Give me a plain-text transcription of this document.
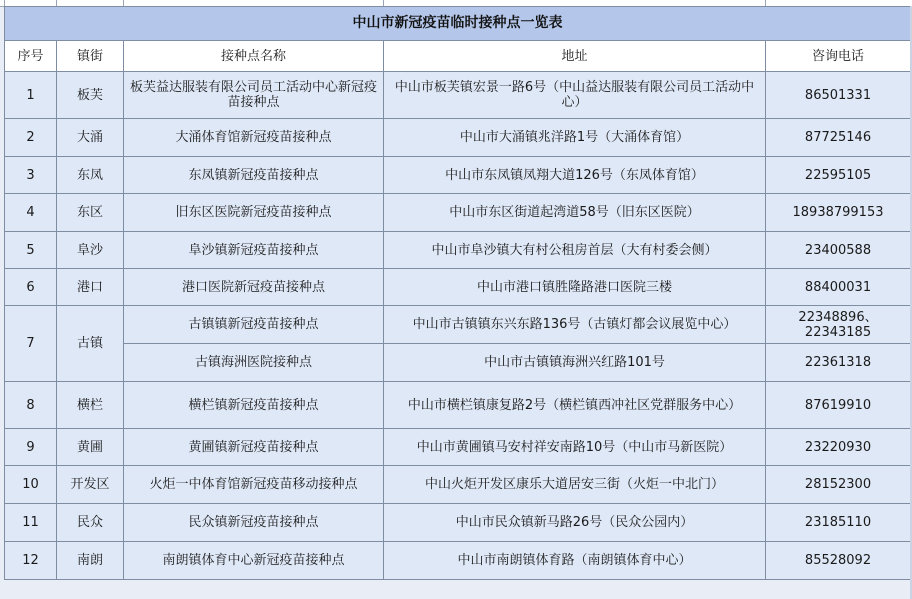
中山市新冠疫苗临时接种点一览表				
序号	镇街	接种点名称	地址	咨询电话
1	板芙	板芙益达服装有限公司员工活动中心新冠疫苗接种点	中山市板芙镇宏景一路6号（中山益达服装有限公司员工活动中心）	86501331
2	大涌	大涌体育馆新冠疫苗接种点	中山市大涌镇兆洋路1号（大涌体育馆）	87725146
3	东凤	东凤镇新冠疫苗接种点	中山市东凤镇凤翔大道126号（东凤体育馆）	22595105
4	东区	旧东区医院新冠疫苗接种点	中山市东区街道起湾道58号（旧东区医院）	18938799153
5	阜沙	阜沙镇新冠疫苗接种点	中山市阜沙镇大有村公租房首层（大有村委会侧）	23400588
6	港口	港口医院新冠疫苗接种点	中山市港口镇胜隆路港口医院三楼	88400031
7	古镇	古镇镇新冠疫苗接种点	中山市古镇镇东兴东路136号（古镇灯都会议展览中心）	22348896、22343185
		古镇海洲医院接种点	中山市古镇镇海洲兴红路101号	22361318
8	横栏	横栏镇新冠疫苗接种点	中山市横栏镇康复路2号（横栏镇西冲社区党群服务中心）	87619910
9	黄圃	黄圃镇新冠疫苗接种点	中山市黄圃镇马安村祥安南路10号（中山市马新医院）	23220930
10	开发区	火炬一中体育馆新冠疫苗移动接种点	中山火炬开发区康乐大道居安三街（火炬一中北门）	28152300
11	民众	民众镇新冠疫苗接种点	中山市民众镇新马路26号（民众公园内）	23185110
12	南朗	南朗镇体育中心新冠疫苗接种点	中山市南朗镇体育路（南朗镇体育中心）	85528092
